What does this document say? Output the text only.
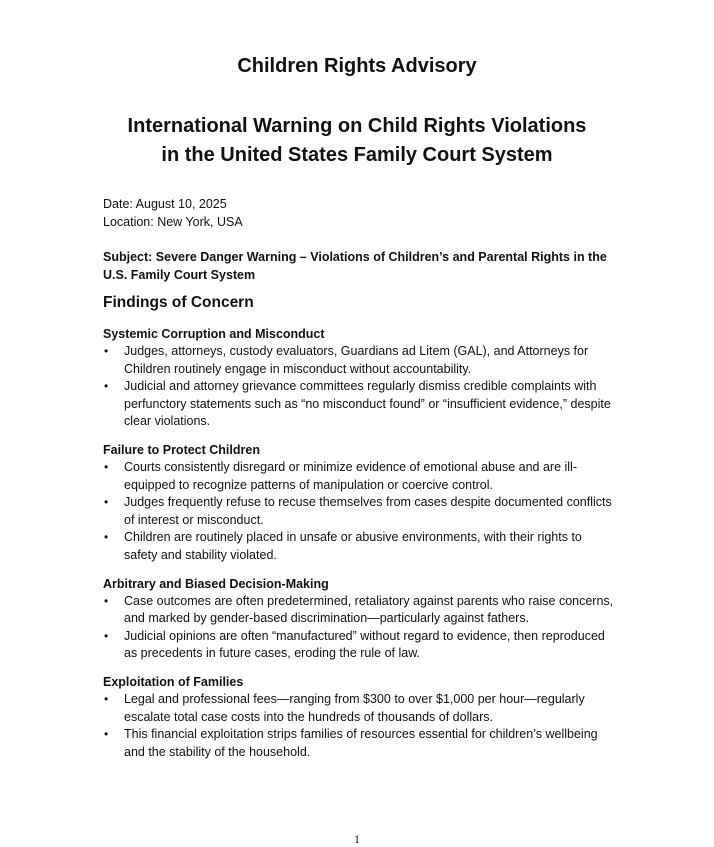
Children Rights Advisory
International Warning on Child Rights Violations
in the United States Family Court System
Date: August 10, 2025
Location: New York, USA
Subject: Severe Danger Warning – Violations of Children’s and Parental Rights in the U.S. Family Court System
Findings of Concern
Systemic Corruption and Misconduct
• Judges, attorneys, custody evaluators, Guardians ad Litem (GAL), and Attorneys for Children routinely engage in misconduct without accountability.
• Judicial and attorney grievance committees regularly dismiss credible complaints with perfunctory statements such as “no misconduct found” or “insufficient evidence,” despite clear violations.
Failure to Protect Children
• Courts consistently disregard or minimize evidence of emotional abuse and are ill-equipped to recognize patterns of manipulation or coercive control.
• Judges frequently refuse to recuse themselves from cases despite documented conflicts of interest or misconduct.
• Children are routinely placed in unsafe or abusive environments, with their rights to safety and stability violated.
Arbitrary and Biased Decision-Making
• Case outcomes are often predetermined, retaliatory against parents who raise concerns, and marked by gender-based discrimination—particularly against fathers.
• Judicial opinions are often “manufactured” without regard to evidence, then reproduced as precedents in future cases, eroding the rule of law.
Exploitation of Families
• Legal and professional fees—ranging from $300 to over $1,000 per hour—regularly escalate total case costs into the hundreds of thousands of dollars.
• This financial exploitation strips families of resources essential for children’s wellbeing and the stability of the household.
1
